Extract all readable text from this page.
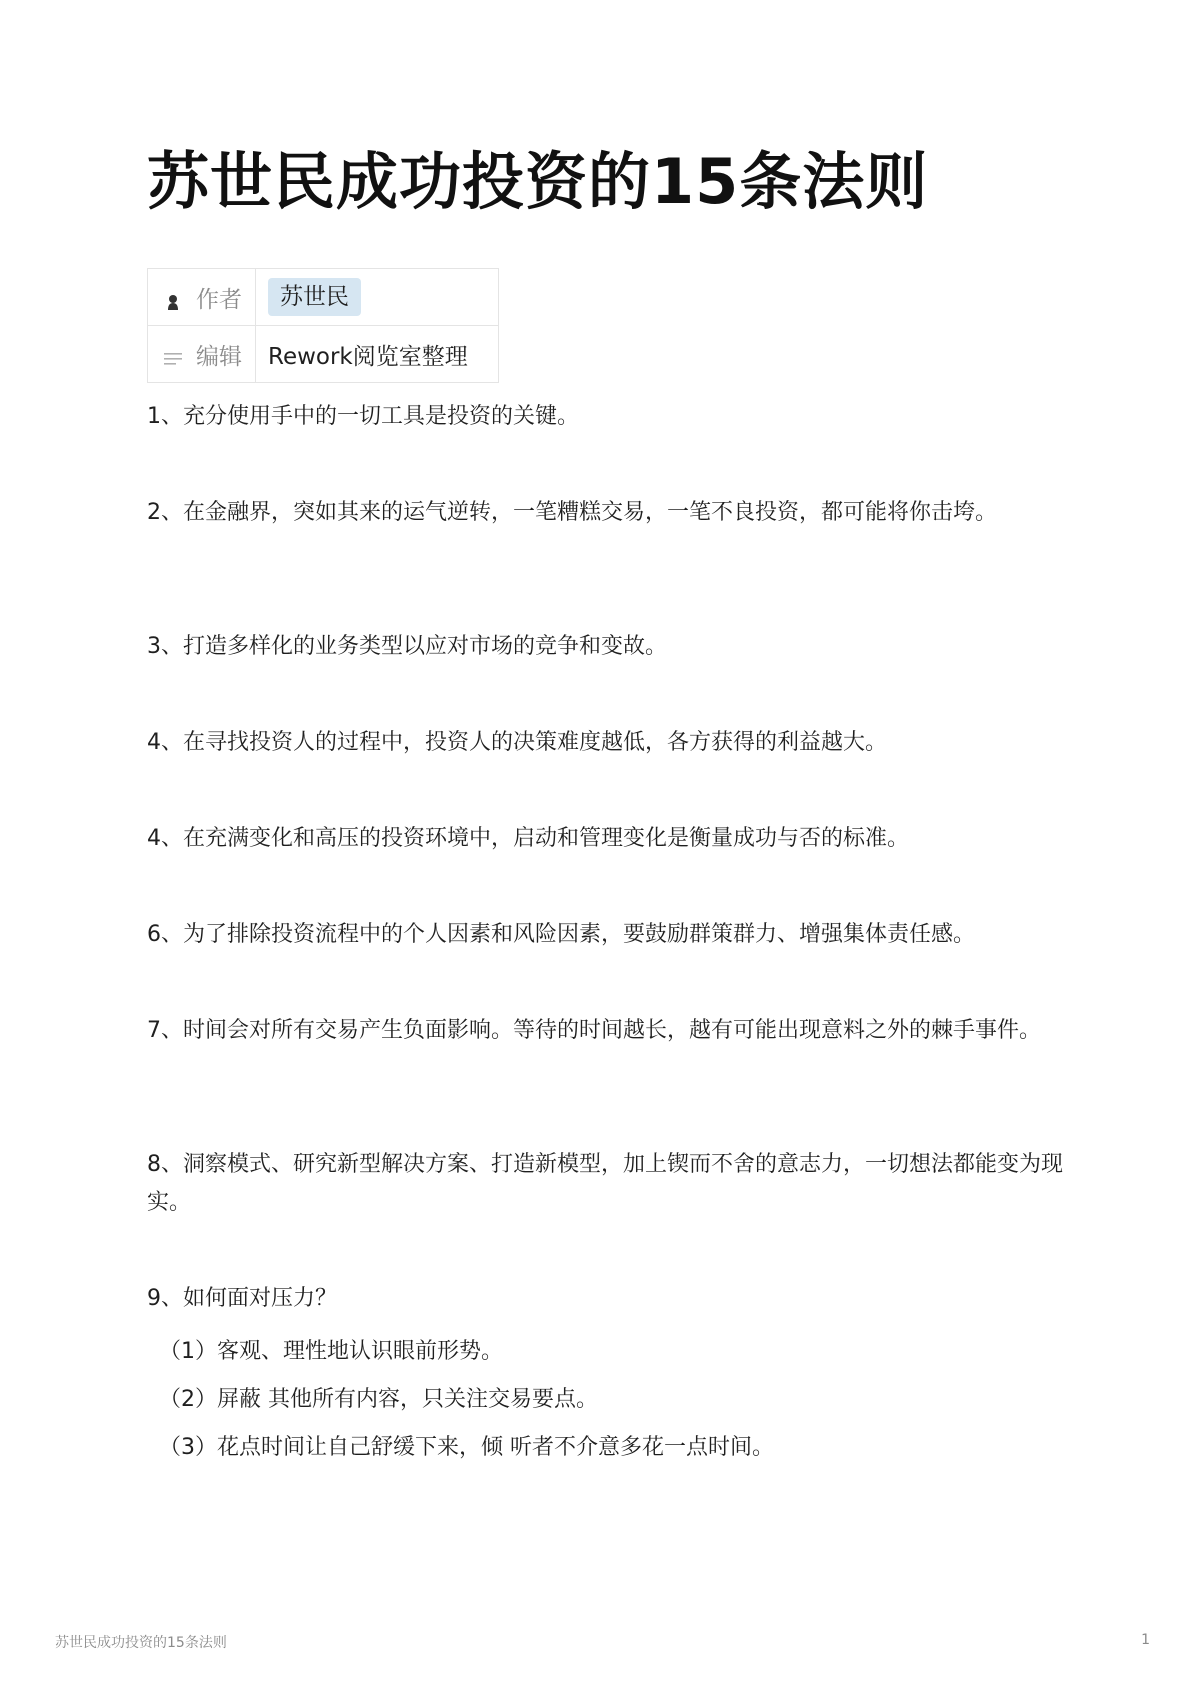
苏世民成功投资的15条法则
作者	苏世民

编辑	Rework阅览室整理

1、充分使用手中的一切工具是投资的关键。

2、在金融界，突如其来的运气逆转，一笔糟糕交易，一笔不良投资，都可能将你击垮。

3、打造多样化的业务类型以应对市场的竞争和变故。

4、在寻找投资人的过程中，投资人的决策难度越低，各方获得的利益越大。

4、在充满变化和高压的投资环境中，启动和管理变化是衡量成功与否的标准。

6、为了排除投资流程中的个人因素和风险因素，要鼓励群策群力、增强集体责任感。

7、时间会对所有交易产生负面影响。等待的时间越长，越有可能出现意料之外的棘手事件。

8、洞察模式、研究新型解决方案、打造新模型，加上锲而不舍的意志力，一切想法都能变为现实。

9、如何面对压力？

（1）客观、理性地认识眼前形势。

（2）屏蔽 其他所有内容，只关注交易要点。

（3）花点时间让自己舒缓下来，倾 听者不介意多花一点时间。

苏世民成功投资的15条法则	1
